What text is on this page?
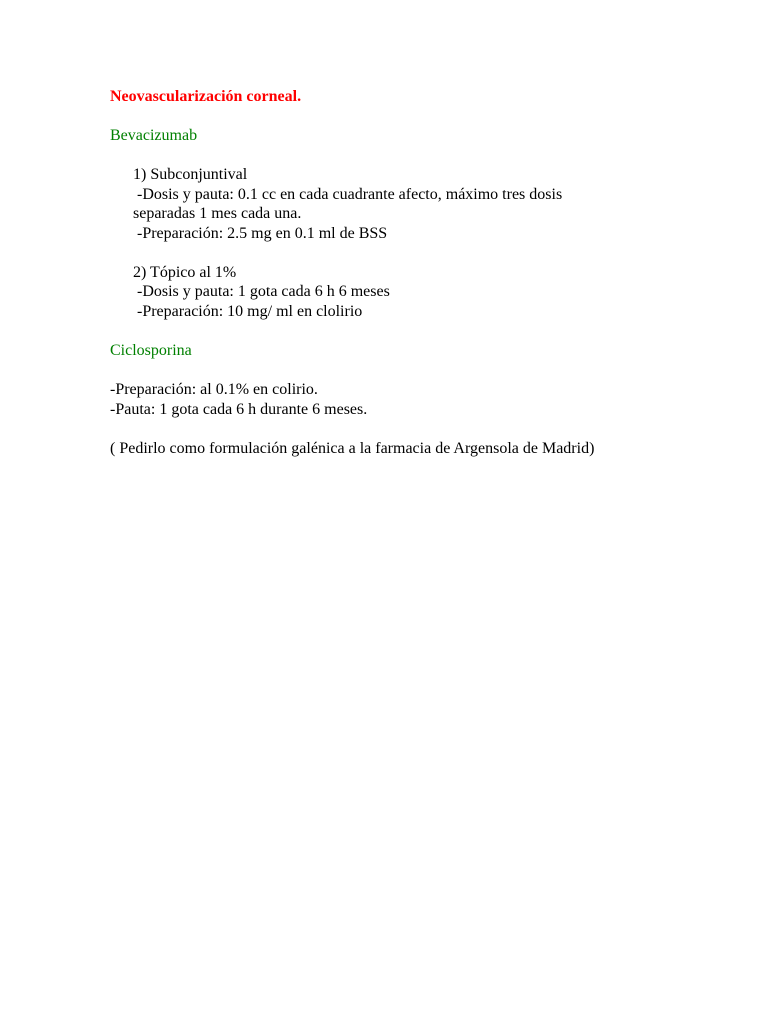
Neovascularización corneal.
Bevacizumab
1) Subconjuntival
-Dosis y pauta: 0.1 cc en cada cuadrante afecto, máximo tres dosis
separadas 1 mes cada una.
-Preparación: 2.5 mg en 0.1 ml de BSS
2) Tópico al 1%
-Dosis y pauta: 1 gota cada 6 h 6 meses
-Preparación: 10 mg/ ml en clolirio
Ciclosporina
-Preparación: al 0.1% en colirio.
-Pauta: 1 gota cada 6 h durante 6 meses.
( Pedirlo como formulación galénica a la farmacia de Argensola de Madrid)
